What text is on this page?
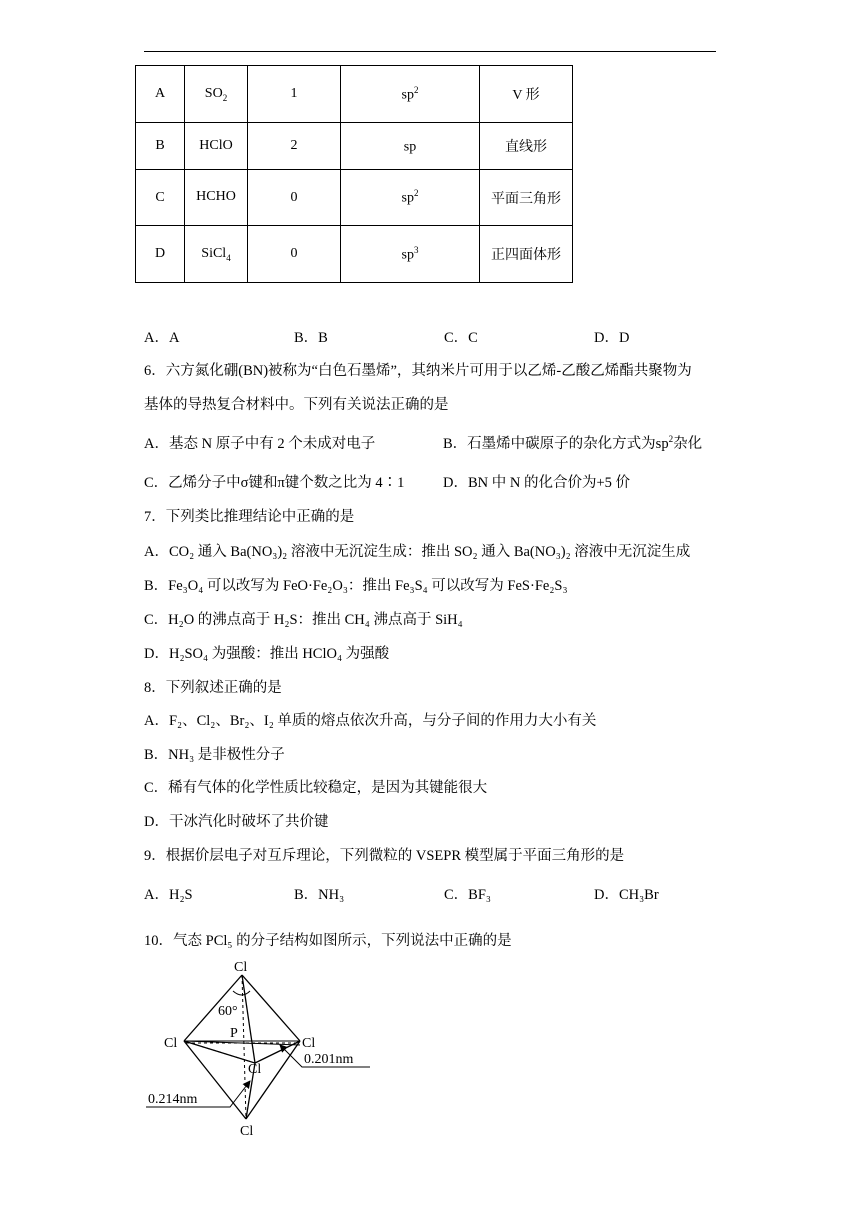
A	$SO_2$	1	$sp^2$	V 形
B	HClO	2	sp	直线形
C	HCHO	0	$sp^2$	平面三角形
D	SiCl$_4$	0	$sp^3$	正四面体形
A．A	B．B	C．C	D．D
6．六方氮化硼(BN)被称为“白色石墨烯”，其纳米片可用于以乙烯-乙酸乙烯酯共聚物为
基体的导热复合材料中。下列有关说法正确的是
A．基态 N 原子中有 2 个未成对电子	B．石墨烯中碳原子的杂化方式为$sp^2$杂化
C．乙烯分子中σ键和π键个数之比为 4∶1	D．BN 中 N 的化合价为+5 价
7．下列类比推理结论中正确的是
A．CO₂ 通入 Ba(NO₃)₂ 溶液中无沉淀生成：推出 SO₂ 通入 Ba(NO₃)₂ 溶液中无沉淀生成
B．Fe₃O₄ 可以改写为 FeO·Fe₂O₃：推出 Fe₃S₄ 可以改写为 FeS·Fe₂S₃
C．H₂O 的沸点高于 H₂S：推出 CH₄ 沸点高于 SiH₄
D．H₂SO₄ 为强酸：推出 HClO₄ 为强酸
8．下列叙述正确的是
A．F₂、Cl₂、Br₂、I₂ 单质的熔点依次升高，与分子间的作用力大小有关
B．NH₃ 是非极性分子
C．稀有气体的化学性质比较稳定，是因为其键能很大
D．干冰汽化时破坏了共价键
9．根据价层电子对互斥理论，下列微粒的 VSEPR 模型属于平面三角形的是
A．H₂S	B．NH₃	C．BF₃	D．CH₃Br
10．气态 PCl₅ 的分子结构如图所示，下列说法中正确的是
Cl
Cl	Cl
Cl
Cl
P
60°
0.201nm
0.214nm
